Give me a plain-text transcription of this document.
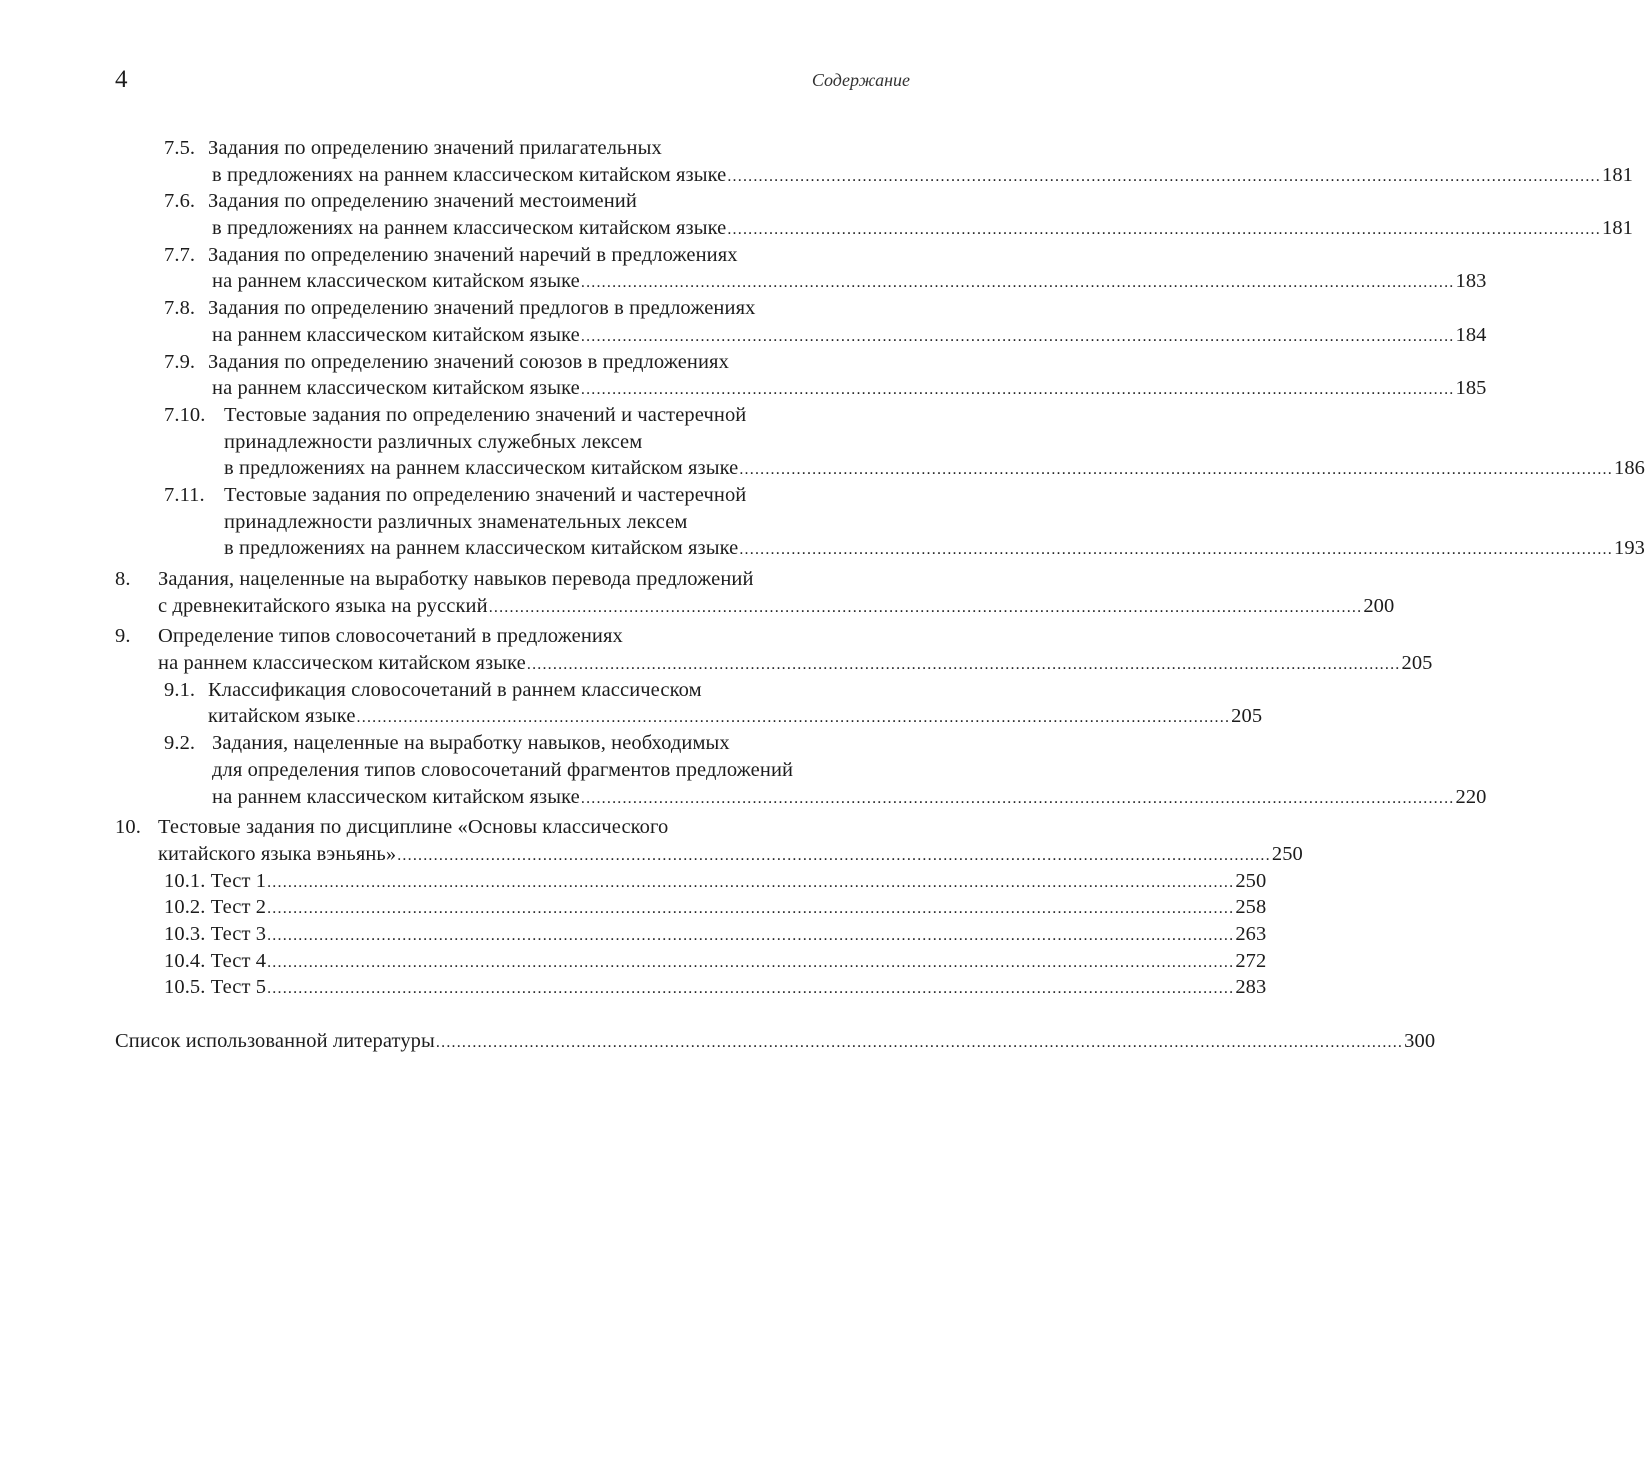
4	Содержание
7.5. Задания по определению значений прилагательных
в предложениях на раннем классическом китайском языке ........................................................................................................................................................................ 181
7.6. Задания по определению значений местоимений
в предложениях на раннем классическом китайском языке ........................................................................................................................................................................ 181
7.7. Задания по определению значений наречий в предложениях
на раннем классическом китайском языке ........................................................................................................................................................................ 183
7.8. Задания по определению значений предлогов в предложениях
на раннем классическом китайском языке ........................................................................................................................................................................ 184
7.9. Задания по определению значений союзов в предложениях
на раннем классическом китайском языке ........................................................................................................................................................................ 185
7.10. Тестовые задания по определению значений и частеречной
принадлежности различных служебных лексем
в предложениях на раннем классическом китайском языке ........................................................................................................................................................................ 186
7.11. Тестовые задания по определению значений и частеречной
принадлежности различных знаменательных лексем
в предложениях на раннем классическом китайском языке ........................................................................................................................................................................ 193
8. Задания, нацеленные на выработку навыков перевода предложений
с древнекитайского языка на русский ........................................................................................................................................................................ 200
9. Определение типов словосочетаний в предложениях
на раннем классическом китайском языке ........................................................................................................................................................................ 205
9.1. Классификация словосочетаний в раннем классическом
китайском языке ........................................................................................................................................................................ 205
9.2. Задания, нацеленные на выработку навыков, необходимых
для определения типов словосочетаний фрагментов предложений
на раннем классическом китайском языке ........................................................................................................................................................................ 220
10. Тестовые задания по дисциплине «Основы классического
китайского языка вэньянь» ........................................................................................................................................................................ 250
10.1. Тест 1 .......................................................................................................................................................................................... 250
10.2. Тест 2 .......................................................................................................................................................................................... 258
10.3. Тест 3 .......................................................................................................................................................................................... 263
10.4. Тест 4 .......................................................................................................................................................................................... 272
10.5. Тест 5 .......................................................................................................................................................................................... 283
Список использованной литературы .......................................................................................................................................................................................... 300
